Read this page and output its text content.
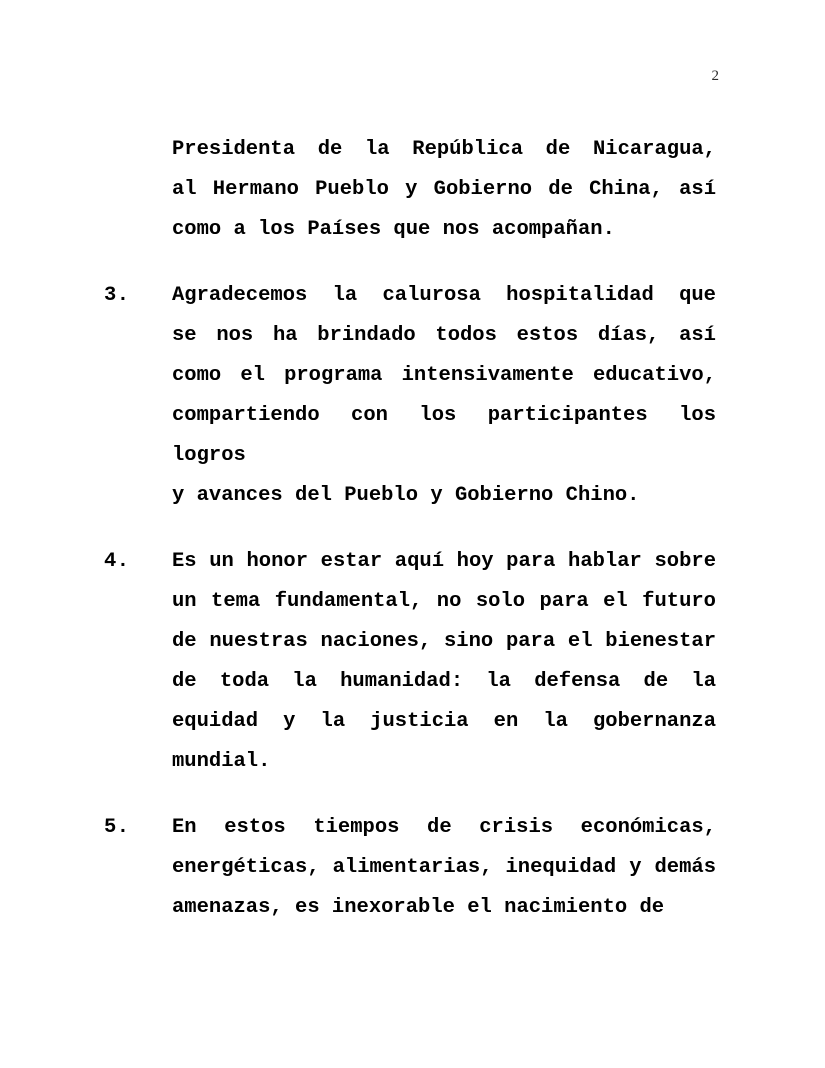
2
Presidenta de la República de Nicaragua,
al Hermano Pueblo y Gobierno de China, así
como a los Países que nos acompañan.
3.	Agradecemos la calurosa hospitalidad que
se nos ha brindado todos estos días, así
como el programa intensivamente educativo,
compartiendo con los participantes los logros
y avances del Pueblo y Gobierno Chino.
4.	Es un honor estar aquí hoy para hablar sobre
un tema fundamental, no solo para el futuro
de nuestras naciones, sino para el bienestar
de toda la humanidad: la defensa de la
equidad y la justicia en la gobernanza
mundial.
5.	En estos tiempos de crisis económicas,
energéticas, alimentarias, inequidad y demás
amenazas, es inexorable el nacimiento de
